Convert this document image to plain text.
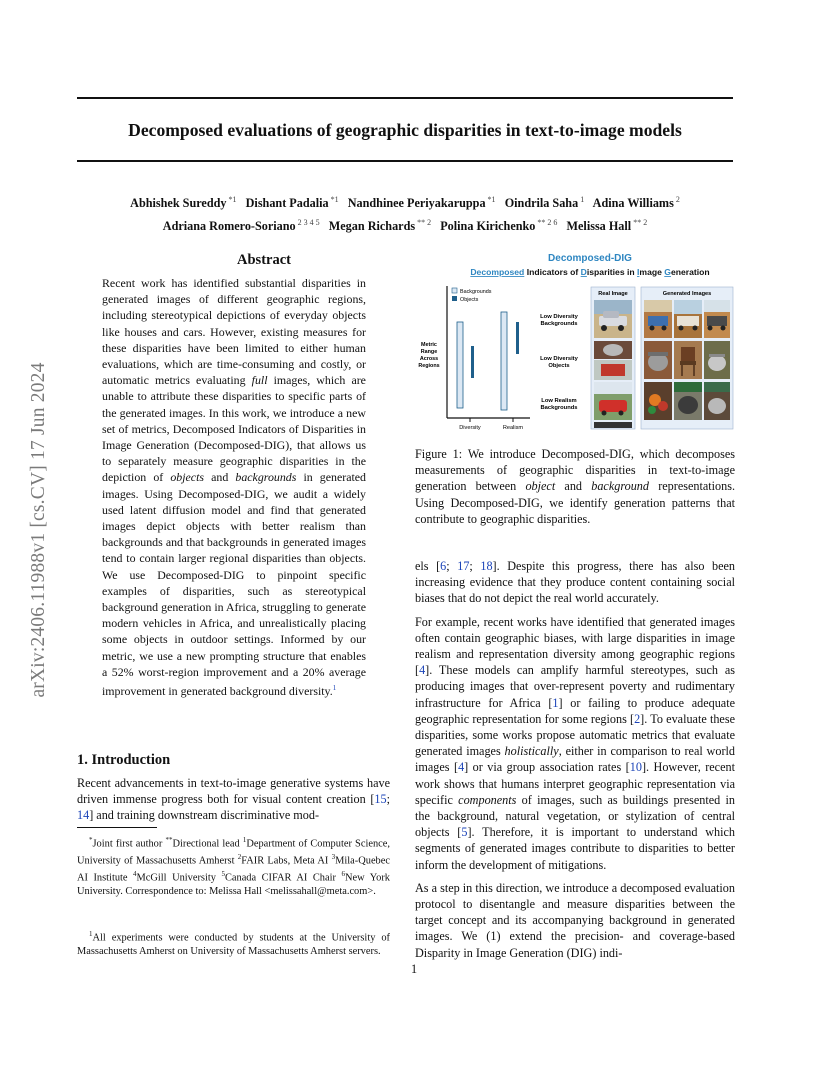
Decomposed evaluations of geographic disparities in text-to-image models
Abhishek Sureddy $^{*1}$ Dishant Padalia $^{*1}$ Nandhinee Periyakaruppa $^{*1}$ Oindrila Saha $^1$ Adina Williams $^2$
Adriana Romero-Soriano $^{2 3 4 5}$ Megan Richards $^{** 2}$ Polina Kirichenko $^{** 2 6}$ Melissa Hall $^{** 2}$
arXiv:2406.11988v1 [cs.CV] 17 Jun 2024
Abstract

Recent work has identified substantial disparities in generated images of different geographic regions, including stereotypical depictions of everyday objects like houses and cars. However, existing measures for these disparities have been limited to either human evaluations, which are time-consuming and costly, or automatic metrics evaluating full images, which are unable to attribute these disparities to specific parts of the generated images. In this work, we introduce a new set of metrics, Decomposed Indicators of Disparities in Image Generation (Decomposed-DIG), that allows us to separately measure geographic disparities in the depiction of objects and backgrounds in generated images. Using Decomposed-DIG, we audit a widely used latent diffusion model and find that generated images depict objects with better realism than backgrounds and that backgrounds in generated images tend to contain larger regional disparities than objects. We use Decomposed-DIG to pinpoint specific examples of disparities, such as stereotypical background generation in Africa, struggling to generate modern vehicles in Africa, and unrealistically placing some objects in outdoor settings. Informed by our metric, we use a new prompting structure that enables a 52% worst-region improvement and a 20% average improvement in generated background diversity.$^1$

1. Introduction

Recent advancements in text-to-image generative systems have driven immense progress both for visual content creation [15; 14] and training downstream discriminative mod-

*Joint first author **Directional lead $^1$Department of Computer Science, University of Massachusetts Amherst $^2$FAIR Labs, Meta AI $^3$Mila-Quebec AI Institute $^4$McGill University $^5$Canada CIFAR AI Chair $^6$New York University. Correspondence to: Melissa Hall <melissahall@meta.com>.
$^1$All experiments were conducted by students at the University of Massachusetts Amherst on University of Massachusetts Amherst servers.
Decomposed-DIG
Decomposed Indicators of Disparities in Image Generation
Diversity	Realism
Metric Range Across Regions
Backgrounds
Objects
Low Diversity Backgrounds
Low Diversity Objects
Low Realism Backgrounds
Real Image	Generated Images

Figure 1: We introduce Decomposed-DIG, which decomposes measurements of geographic disparities in text-to-image generation between object and background representations. Using Decomposed-DIG, we identify generation patterns that contribute to geographic disparities.

els [6; 17; 18]. Despite this progress, there has also been increasing evidence that they produce content containing social biases that do not depict the real world accurately.

For example, recent works have identified that generated images often contain geographic biases, with large disparities in image realism and representation diversity among geographic regions [4]. These models can amplify harmful stereotypes, such as producing images that over-represent poverty and rudimentary infrastructure for Africa [1] or failing to produce adequate geographic representation for some regions [2]. To evaluate these disparities, some works propose automatic metrics that evaluate generated images holistically, either in comparison to real world images [4] or via group association rates [10]. However, recent work shows that humans interpret geographic representation via specific components of images, such as buildings presented in the background, natural vegetation, or stylization of central objects [5]. Therefore, it is important to understand which segments of generated images contribute to disparities to better inform the development of mitigations.

As a step in this direction, we introduce a decomposed evaluation protocol to disentangle and measure disparities between the target concept and its accompanying background in generated images. We (1) extend the precision- and coverage-based Disparity in Image Generation (DIG) indi-

1
